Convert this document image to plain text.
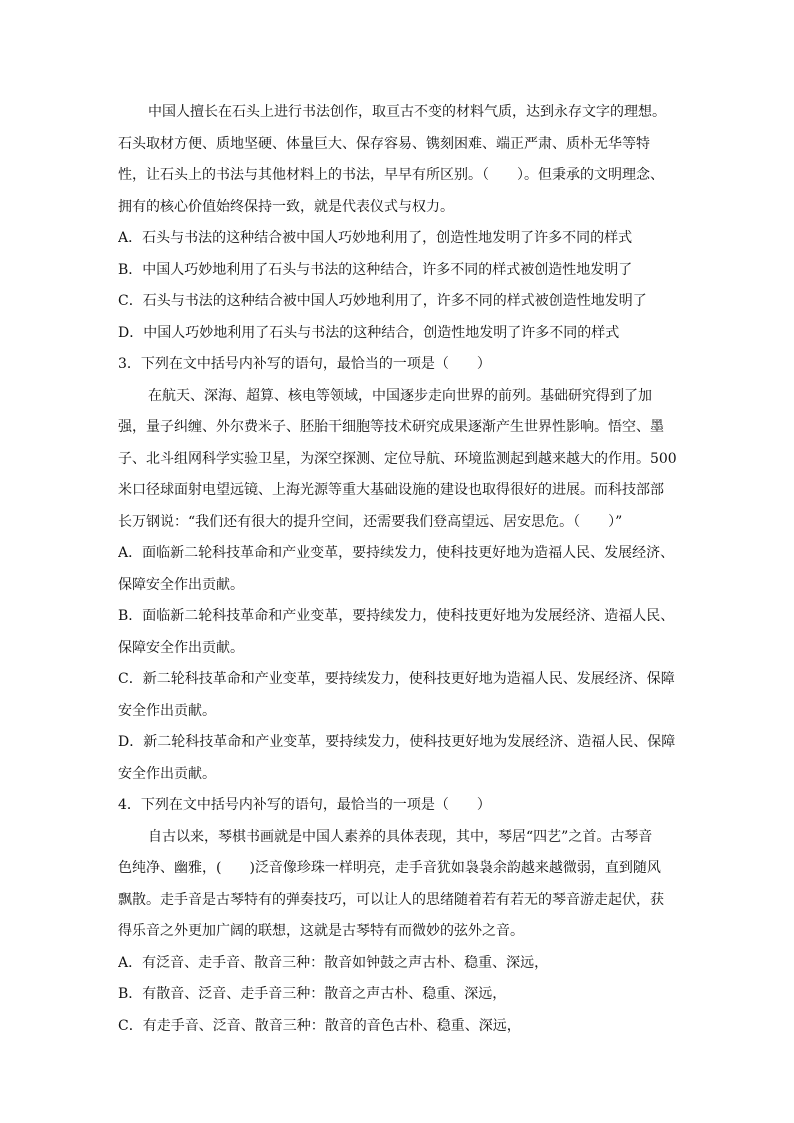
中国人擅长在石头上进行书法创作，取亘古不变的材料气质，达到永存文字的理想。
石头取材方便、质地坚硬、体量巨大、保存容易、镌刻困难、端正严肃、质朴无华等特
性，让石头上的书法与其他材料上的书法，早早有所区别。（　　）。但秉承的文明理念、
拥有的核心价值始终保持一致，就是代表仪式与权力。
A．石头与书法的这种结合被中国人巧妙地利用了，创造性地发明了许多不同的样式
B．中国人巧妙地利用了石头与书法的这种结合，许多不同的样式被创造性地发明了
C．石头与书法的这种结合被中国人巧妙地利用了，许多不同的样式被创造性地发明了
D．中国人巧妙地利用了石头与书法的这种结合，创造性地发明了许多不同的样式
3．下列在文中括号内补写的语句，最恰当的一项是（　　）
在航天、深海、超算、核电等领域，中国逐步走向世界的前列。基础研究得到了加
强，量子纠缠、外尔费米子、胚胎干细胞等技术研究成果逐渐产生世界性影响。悟空、墨
子、北斗组网科学实验卫星，为深空探测、定位导航、环境监测起到越来越大的作用。500
米口径球面射电望远镜、上海光源等重大基础设施的建设也取得很好的进展。而科技部部
长万钢说：“我们还有很大的提升空间，还需要我们登高望远、居安思危。（　　）”
A．面临新二轮科技革命和产业变革，要持续发力，使科技更好地为造福人民、发展经济、
保障安全作出贡献。
B．面临新二轮科技革命和产业变革，要持续发力，使科技更好地为发展经济、造福人民、
保障安全作出贡献。
C．新二轮科技革命和产业变革，要持续发力，使科技更好地为造福人民、发展经济、保障
安全作出贡献。
D．新二轮科技革命和产业变革，要持续发力，使科技更好地为发展经济、造福人民、保障
安全作出贡献。
4．下列在文中括号内补写的语句，最恰当的一项是（　　）
自古以来，琴棋书画就是中国人素养的具体表现，其中，琴居“四艺”之首。古琴音
色纯净、幽雅，(　　)泛音像珍珠一样明亮，走手音犹如袅袅余韵越来越微弱，直到随风
飘散。走手音是古琴特有的弹奏技巧，可以让人的思绪随着若有若无的琴音游走起伏，获
得乐音之外更加广阔的联想，这就是古琴特有而微妙的弦外之音。
A．有泛音、走手音、散音三种：散音如钟鼓之声古朴、稳重、深远，
B．有散音、泛音、走手音三种：散音之声古朴、稳重、深远，
C．有走手音、泛音、散音三种：散音的音色古朴、稳重、深远，
